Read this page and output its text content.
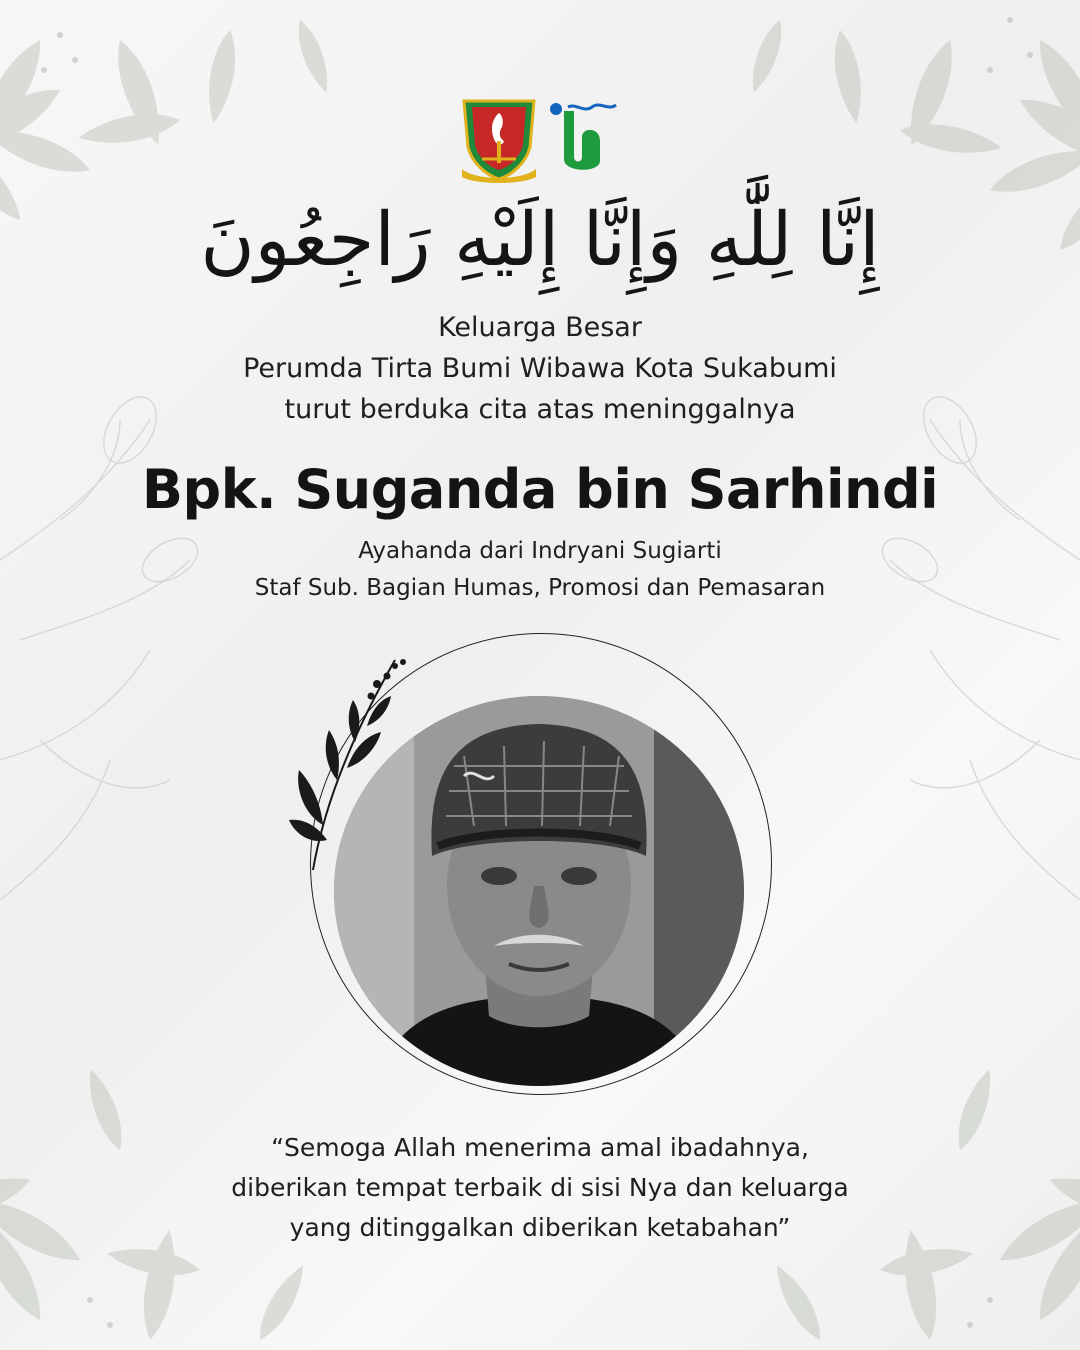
إِنَّا لِلَّٰهِ وَإِنَّا إِلَيْهِ رَاجِعُونَ
Keluarga Besar
Perumda Tirta Bumi Wibawa Kota Sukabumi
turut berduka cita atas meninggalnya
Bpk. Suganda bin Sarhindi
Ayahanda dari Indryani Sugiarti
Staf Sub. Bagian Humas, Promosi dan Pemasaran
“Semoga Allah menerima amal ibadahnya,
diberikan tempat terbaik di sisi Nya dan keluarga
yang ditinggalkan diberikan ketabahan”
